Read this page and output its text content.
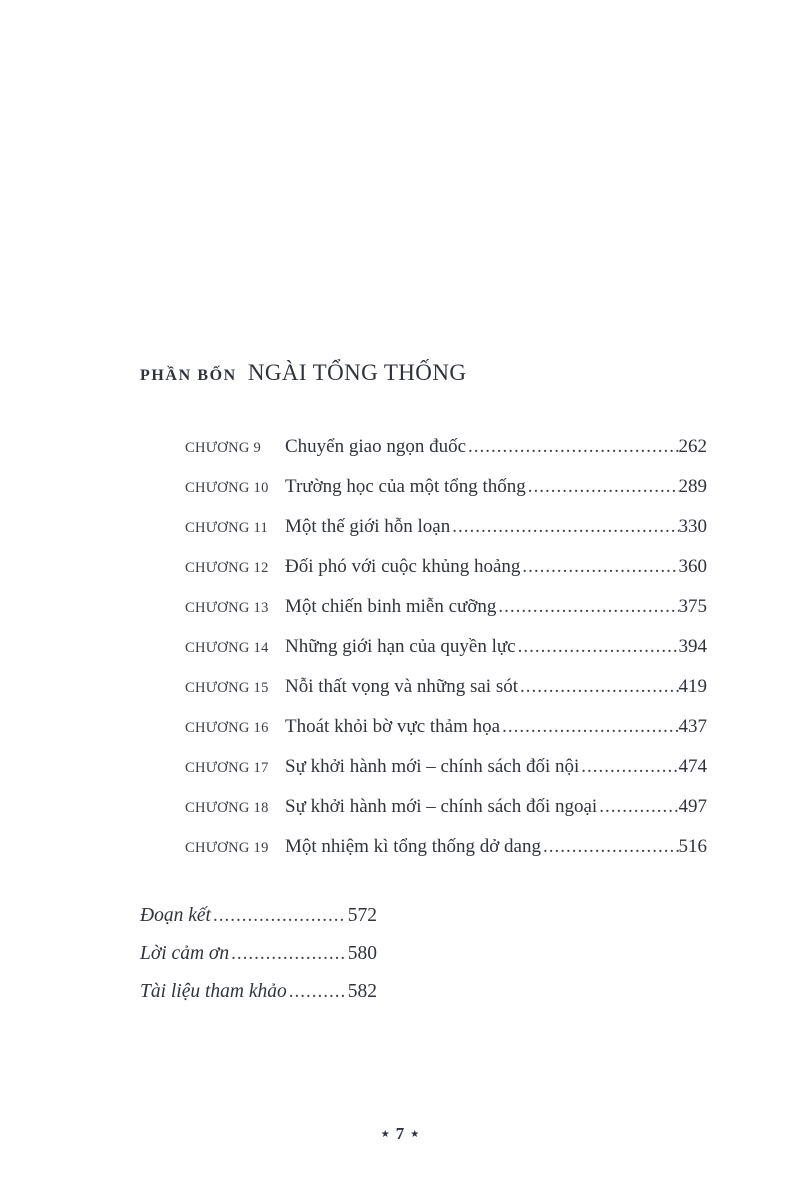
PHẦN BỐN NGÀI TỔNG THỐNG
CHƯƠNG 9	Chuyển giao ngọn đuốc .....	262
CHƯƠNG 10 Trường học của một tổng thống .....	289
CHƯƠNG 11 Một thế giới hỗn loạn .....	330
CHƯƠNG 12 Đối phó với cuộc khủng hoảng .....	360
CHƯƠNG 13 Một chiến binh miễn cưỡng .....	375
CHƯƠNG 14 Những giới hạn của quyền lực .....	394
CHƯƠNG 15 Nỗi thất vọng và những sai sót .....	419
CHƯƠNG 16 Thoát khỏi bờ vực thảm họa .....	437
CHƯƠNG 17 Sự khởi hành mới – chính sách đối nội .....	474
CHƯƠNG 18 Sự khởi hành mới – chính sách đối ngoại .....	497
CHƯƠNG 19 Một nhiệm kì tổng thống dở dang .....	516
Đoạn kết .....	572
Lời cảm ơn .....	580
Tài liệu tham khảo .....	582
★ 7 ★
